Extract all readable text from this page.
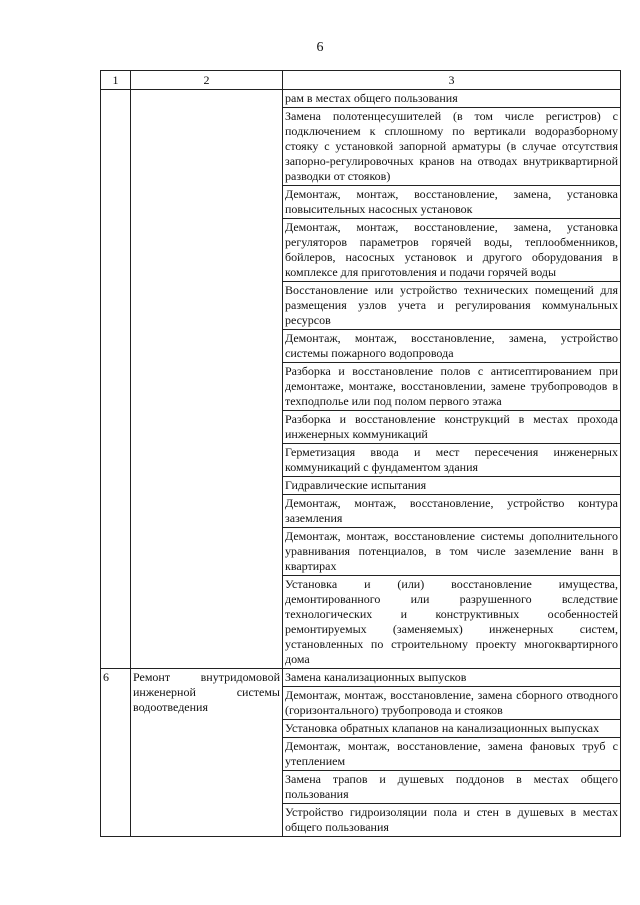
6
1	2	3
		рам в местах общего пользования
		Замена полотенцесушителей (в том числе регистров) с подключением к сплошному по вертикали водоразборному стояку с установкой запорной арматуры (в случае отсутствия запорно-регулировочных кранов на отводах внутриквартирной разводки от стояков)
		Демонтаж, монтаж, восстановление, замена, установка повысительных насосных установок
		Демонтаж, монтаж, восстановление, замена, установка регуляторов параметров горячей воды, теплообменников, бойлеров, насосных установок и другого оборудования в комплексе для приготовления и подачи горячей воды
		Восстановление или устройство технических помещений для размещения узлов учета и регулирования коммунальных ресурсов
		Демонтаж, монтаж, восстановление, замена, устройство системы пожарного водопровода
		Разборка и восстановление полов с антисептированием при демонтаже, монтаже, восстановлении, замене трубопроводов в техподполье или под полом первого этажа
		Разборка и восстановление конструкций в местах прохода инженерных коммуникаций
		Герметизация ввода и мест пересечения инженерных коммуникаций с фундаментом здания
		Гидравлические испытания
		Демонтаж, монтаж, восстановление, устройство контура заземления
		Демонтаж, монтаж, восстановление системы дополнительного уравнивания потенциалов, в том числе заземление ванн в квартирах
		Установка и (или) восстановление имущества, демонтированного или разрушенного вследствие технологических и конструктивных особенностей ремонтируемых (заменяемых) инженерных систем, установленных по строительному проекту многоквартирного дома
6	Ремонт внутридомовой инженерной системы водоотведения	Замена канализационных выпусков
		Демонтаж, монтаж, восстановление, замена сборного отводного (горизонтального) трубопровода и стояков
		Установка обратных клапанов на канализационных выпусках
		Демонтаж, монтаж, восстановление, замена фановых труб с утеплением
		Замена трапов и душевых поддонов в местах общего пользования
		Устройство гидроизоляции пола и стен в душевых в местах общего пользования
